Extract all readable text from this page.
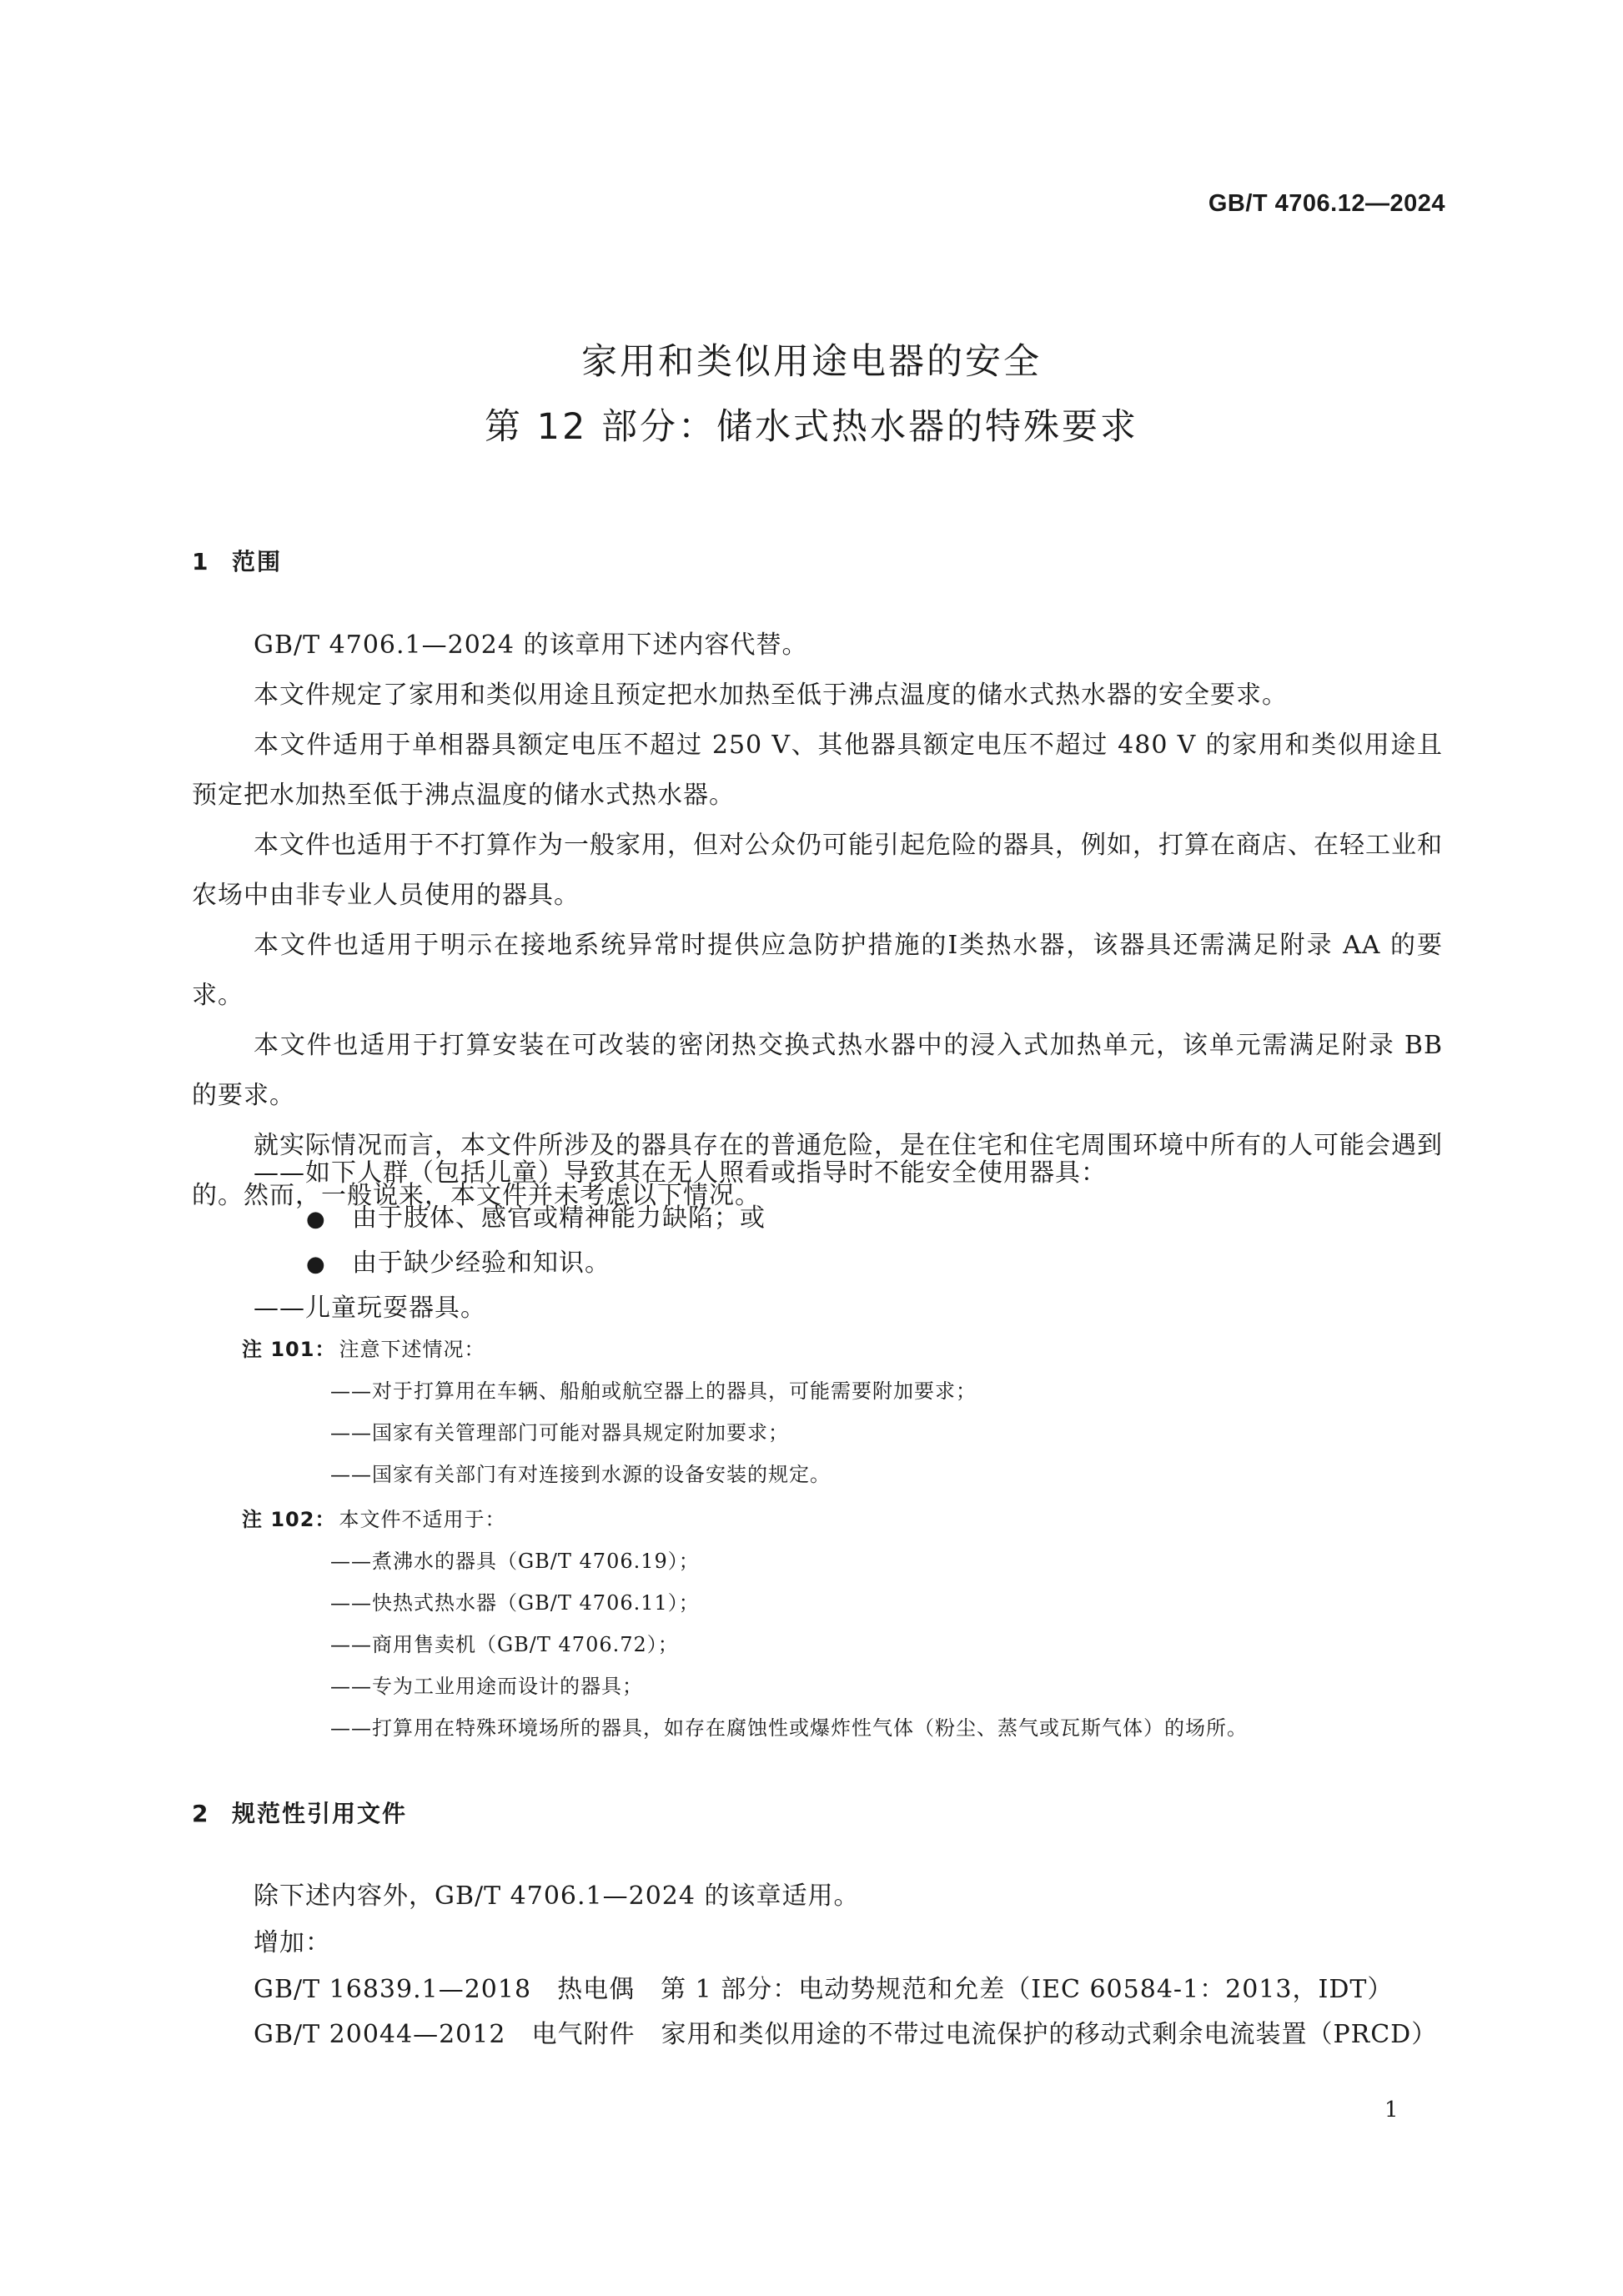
GB/T 4706.12—2024
家用和类似用途电器的安全
第 12 部分：储水式热水器的特殊要求
1 范围
GB/T 4706.1—2024 的该章用下述内容代替。
本文件规定了家用和类似用途且预定把水加热至低于沸点温度的储水式热水器的安全要求。
本文件适用于单相器具额定电压不超过 250 V、其他器具额定电压不超过 480 V 的家用和类似用途且预定把水加热至低于沸点温度的储水式热水器。
本文件也适用于不打算作为一般家用，但对公众仍可能引起危险的器具，例如，打算在商店、在轻工业和农场中由非专业人员使用的器具。
本文件也适用于明示在接地系统异常时提供应急防护措施的Ⅰ类热水器，该器具还需满足附录 AA 的要求。
本文件也适用于打算安装在可改装的密闭热交换式热水器中的浸入式加热单元，该单元需满足附录 BB 的要求。
就实际情况而言，本文件所涉及的器具存在的普通危险，是在住宅和住宅周围环境中所有的人可能会遇到的。然而，一般说来，本文件并未考虑以下情况。
——如下人群（包括儿童）导致其在无人照看或指导时不能安全使用器具：
● 由于肢体、感官或精神能力缺陷；或
● 由于缺少经验和知识。
——儿童玩耍器具。
注 101： 注意下述情况：
——对于打算用在车辆、船舶或航空器上的器具，可能需要附加要求；
——国家有关管理部门可能对器具规定附加要求；
——国家有关部门有对连接到水源的设备安装的规定。
注 102： 本文件不适用于：
——煮沸水的器具（GB/T 4706.19）；
——快热式热水器（GB/T 4706.11）；
——商用售卖机（GB/T 4706.72）；
——专为工业用途而设计的器具；
——打算用在特殊环境场所的器具，如存在腐蚀性或爆炸性气体（粉尘、蒸气或瓦斯气体）的场所。
2 规范性引用文件
除下述内容外，GB/T 4706.1—2024 的该章适用。
增加：
GB/T 16839.1—2018　热电偶　第 1 部分：电动势规范和允差（IEC 60584-1：2013，IDT）
GB/T 20044—2012　电气附件　家用和类似用途的不带过电流保护的移动式剩余电流装置（PRCD）
1
